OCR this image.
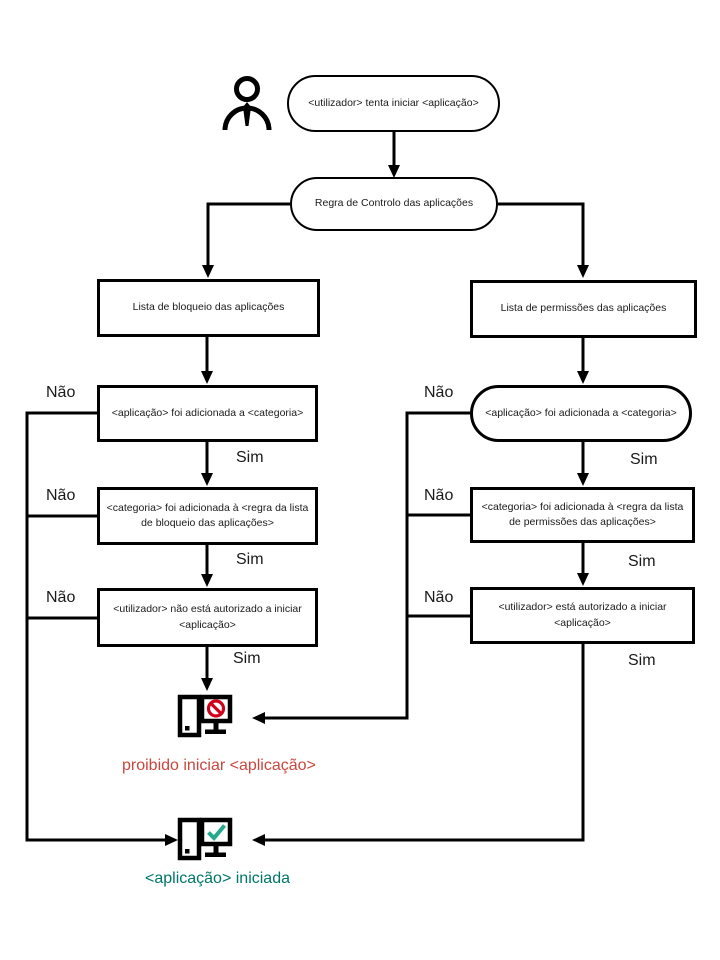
<utilizador> tenta iniciar <aplicação>
Regra de Controlo das aplicações
Lista de bloqueio das aplicações	Lista de permissões das aplicações
<aplicação> foi adicionada a <categoria>	<aplicação> foi adicionada a <categoria>
<categoria> foi adicionada à <regra da lista de bloqueio das aplicações>
<categoria> foi adicionada à <regra da lista de permissões das aplicações>
<utilizador> não está autorizado a iniciar <aplicação>
<utilizador> está autorizado a iniciar <aplicação>
Não
Não
Não
Não
Não
Não
Sim
Sim
Sim
Sim
Sim
Sim
proibido iniciar <aplicação>
<aplicação> iniciada
